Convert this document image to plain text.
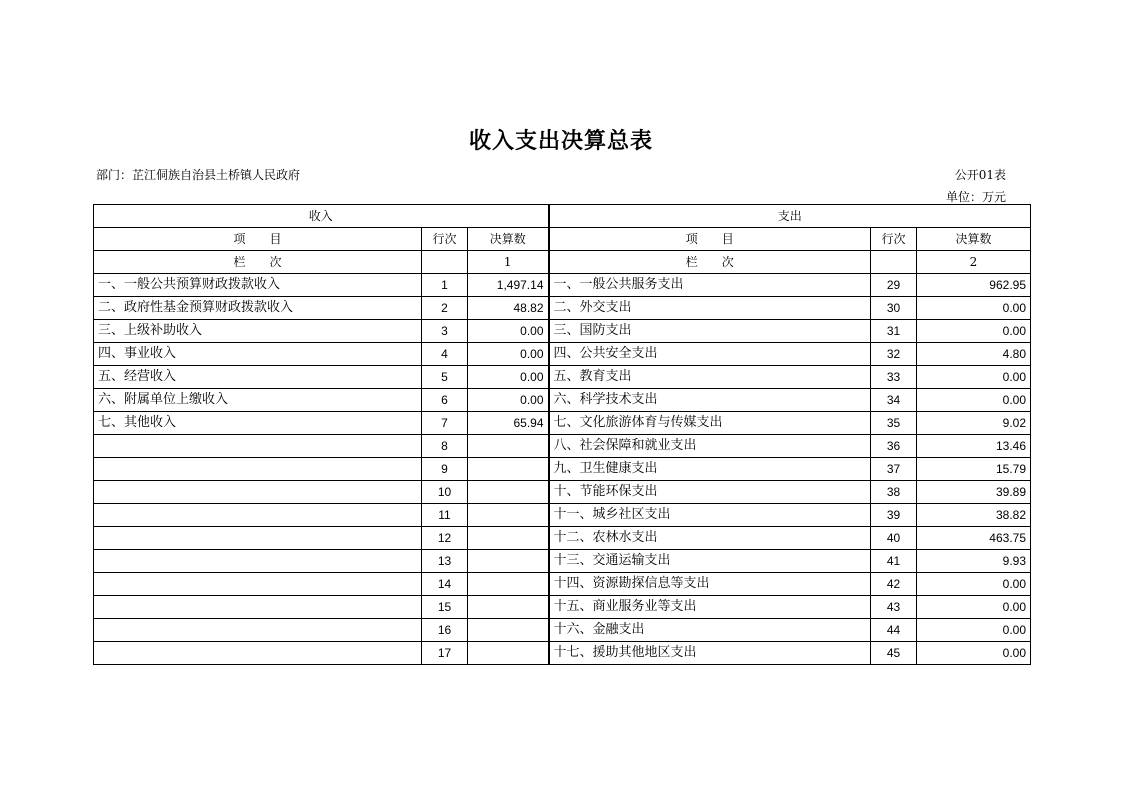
收入支出决算总表
部门：芷江侗族自治县土桥镇人民政府	公开01表
单位：万元
收入			支出		
项　　目	行次	决算数	项　　目	行次	决算数
栏　　次		1	栏　　次		2
一、一般公共预算财政拨款收入	1	1,497.14	一、一般公共服务支出	29	962.95
二、政府性基金预算财政拨款收入	2	48.82	二、外交支出	30	0.00
三、上级补助收入	3	0.00	三、国防支出	31	0.00
四、事业收入	4	0.00	四、公共安全支出	32	4.80
五、经营收入	5	0.00	五、教育支出	33	0.00
六、附属单位上缴收入	6	0.00	六、科学技术支出	34	0.00
七、其他收入	7	65.94	七、文化旅游体育与传媒支出	35	9.02
	8		八、社会保障和就业支出	36	13.46
	9		九、卫生健康支出	37	15.79
	10		十、节能环保支出	38	39.89
	11		十一、城乡社区支出	39	38.82
	12		十二、农林水支出	40	463.75
	13		十三、交通运输支出	41	9.93
	14		十四、资源勘探信息等支出	42	0.00
	15		十五、商业服务业等支出	43	0.00
	16		十六、金融支出	44	0.00
	17		十七、援助其他地区支出	45	0.00
